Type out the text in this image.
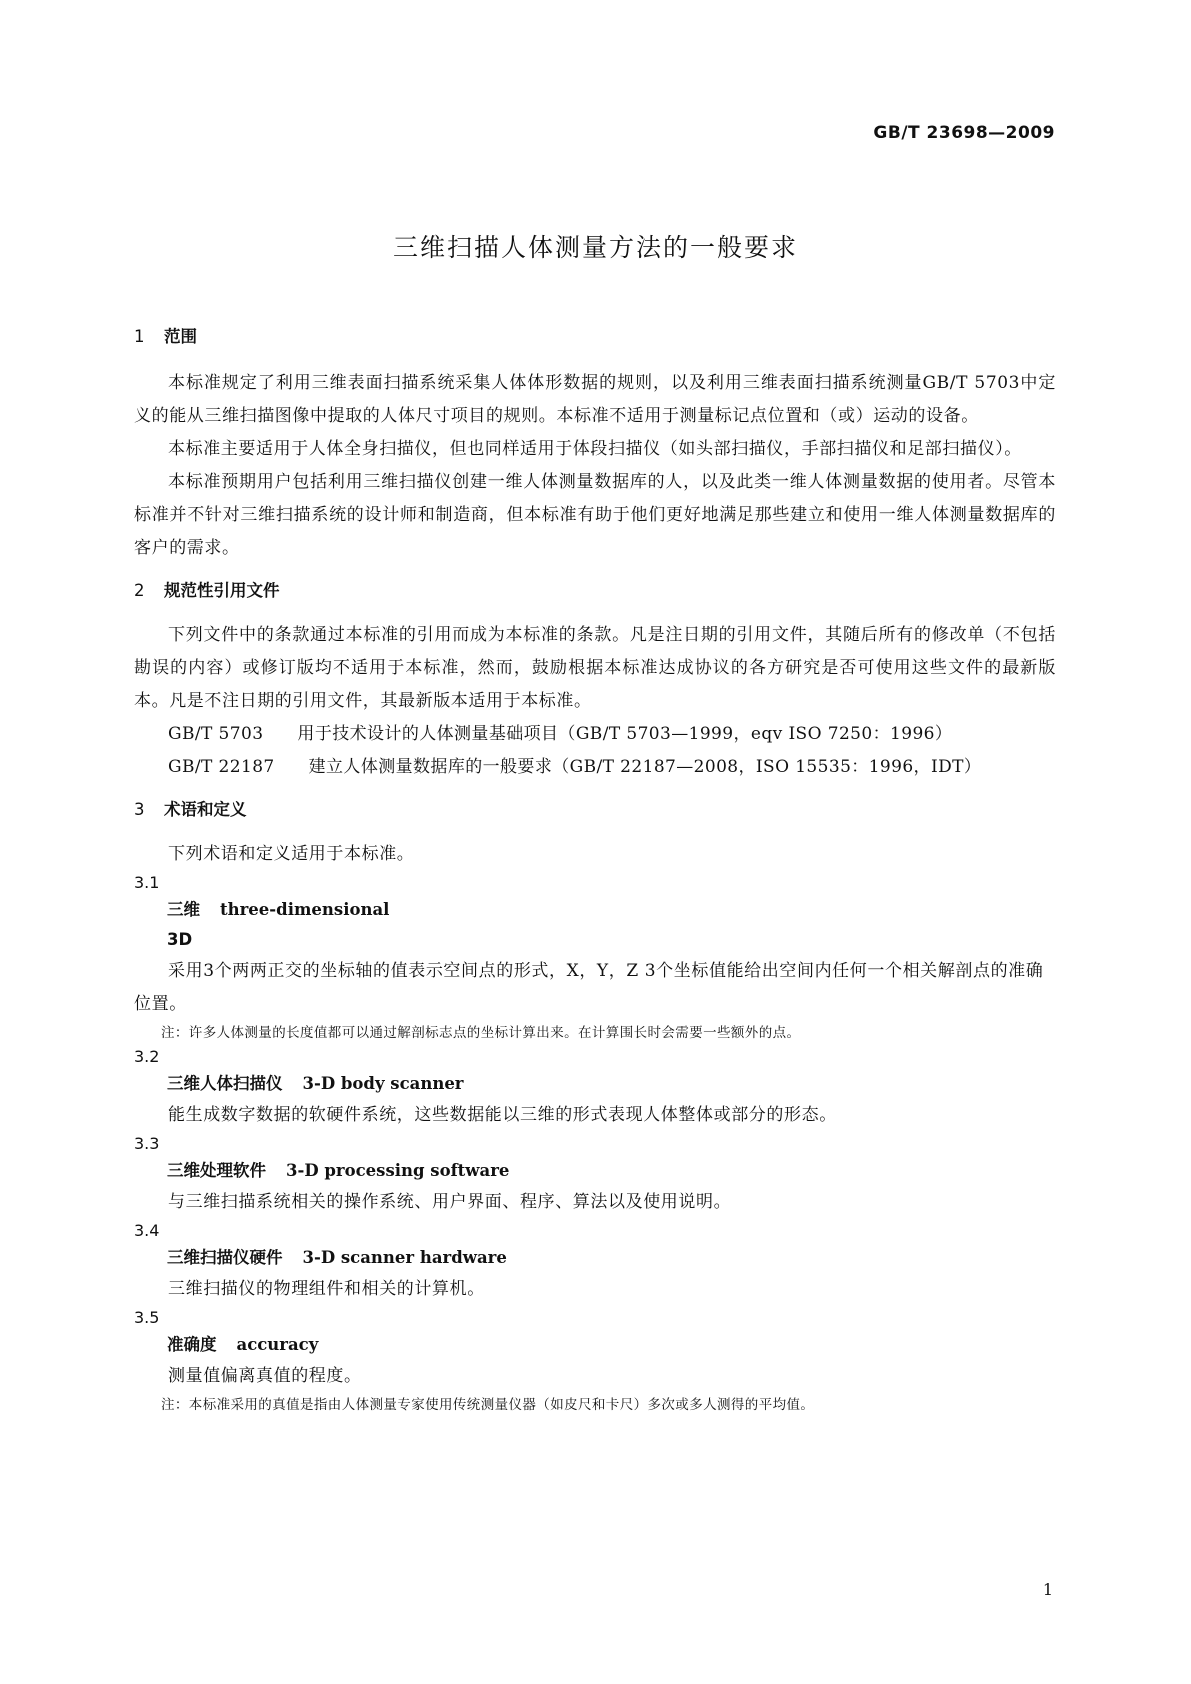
GB/T 23698—2009
三维扫描人体测量方法的一般要求

1 范围

本标准规定了利用三维表面扫描系统采集人体体形数据的规则，以及利用三维表面扫描系统测量GB/T 5703中定义的能从三维扫描图像中提取的人体尺寸项目的规则。本标准不适用于测量标记点位置和（或）运动的设备。

本标准主要适用于人体全身扫描仪，但也同样适用于体段扫描仪（如头部扫描仪，手部扫描仪和足部扫描仪）。

本标准预期用户包括利用三维扫描仪创建一维人体测量数据库的人，以及此类一维人体测量数据的使用者。尽管本标准并不针对三维扫描系统的设计师和制造商，但本标准有助于他们更好地满足那些建立和使用一维人体测量数据库的客户的需求。

2 规范性引用文件

下列文件中的条款通过本标准的引用而成为本标准的条款。凡是注日期的引用文件，其随后所有的修改单（不包括勘误的内容）或修订版均不适用于本标准，然而，鼓励根据本标准达成协议的各方研究是否可使用这些文件的最新版本。凡是不注日期的引用文件，其最新版本适用于本标准。

GB/T 5703 用于技术设计的人体测量基础项目（GB/T 5703—1999，eqv ISO 7250：1996）

GB/T 22187 建立人体测量数据库的一般要求（GB/T 22187—2008，ISO 15535：1996，IDT）

3 术语和定义

下列术语和定义适用于本标准。

3.1

三维 three-dimensional

3D

采用3个两两正交的坐标轴的值表示空间点的形式，X，Y，Z 3个坐标值能给出空间内任何一个相关解剖点的准确位置。

注：许多人体测量的长度值都可以通过解剖标志点的坐标计算出来。在计算围长时会需要一些额外的点。

3.2

三维人体扫描仪 3-D body scanner

能生成数字数据的软硬件系统，这些数据能以三维的形式表现人体整体或部分的形态。

3.3

三维处理软件 3-D processing software

与三维扫描系统相关的操作系统、用户界面、程序、算法以及使用说明。

3.4

三维扫描仪硬件 3-D scanner hardware

三维扫描仪的物理组件和相关的计算机。

3.5

准确度 accuracy

测量值偏离真值的程度。

注：本标准采用的真值是指由人体测量专家使用传统测量仪器（如皮尺和卡尺）多次或多人测得的平均值。

1
